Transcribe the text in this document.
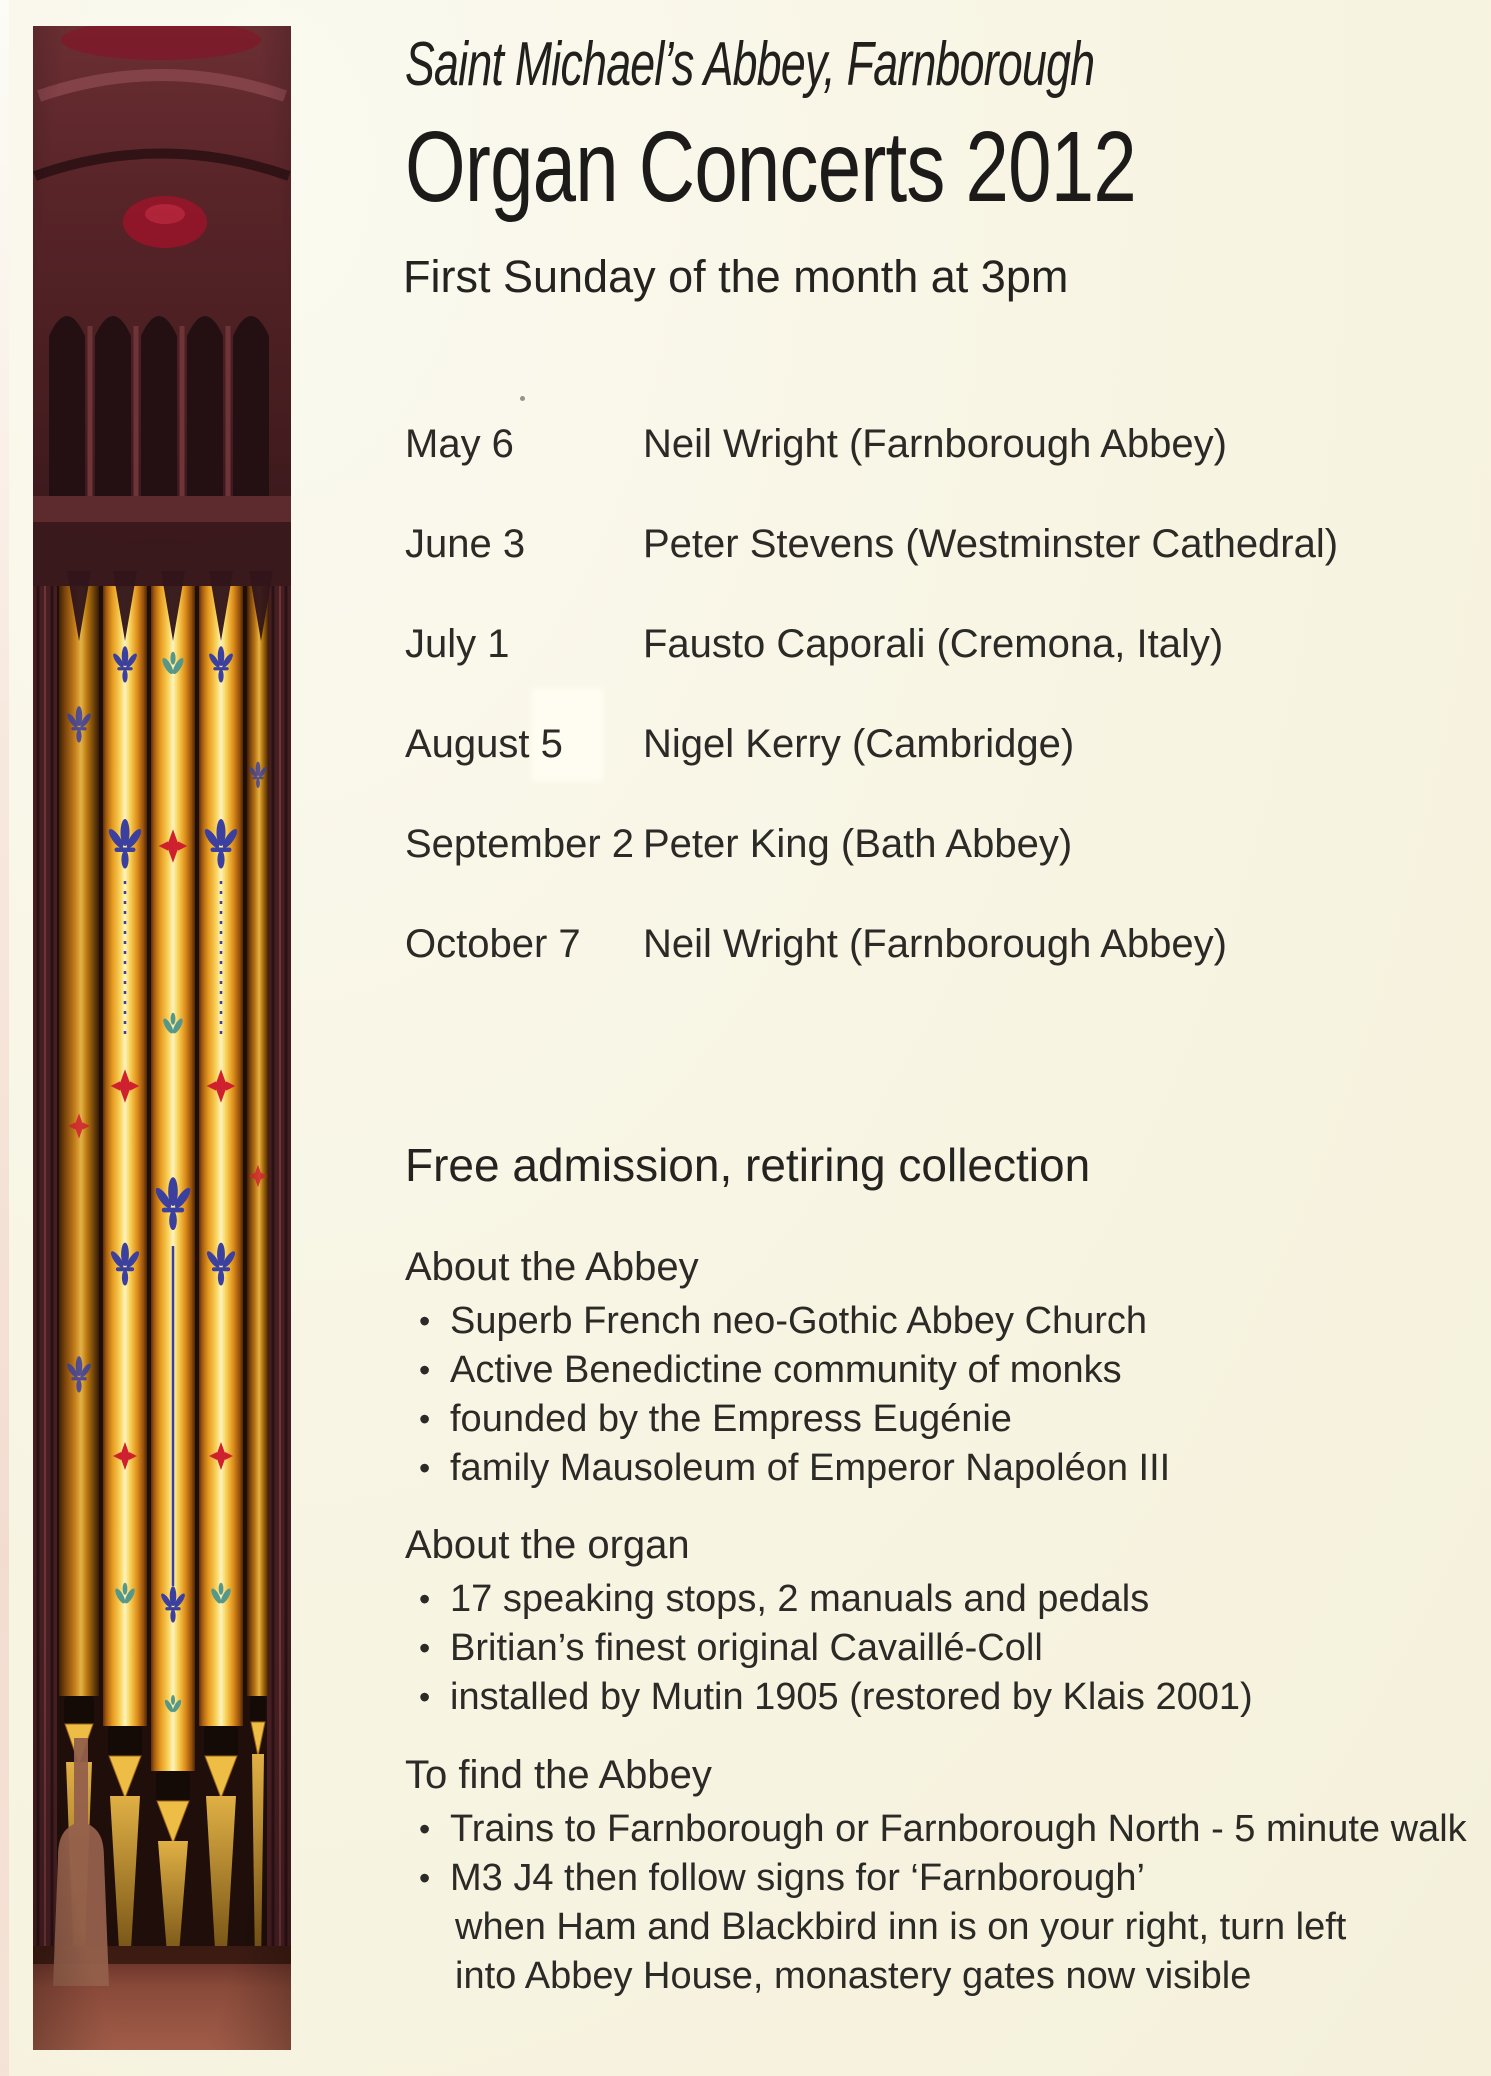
Saint Michael’s Abbey, Farnborough
Organ Concerts 2012
First Sunday of the month at 3pm
May 6	Neil Wright (Farnborough Abbey)
June 3	Peter Stevens (Westminster Cathedral)
July 1	Fausto Caporali (Cremona, Italy)
August 5	Nigel Kerry (Cambridge)
September 2 Peter King (Bath Abbey)
October 7	Neil Wright (Farnborough Abbey)
Free admission, retiring collection
About the Abbey
• Superb French neo-Gothic Abbey Church
• Active Benedictine community of monks
• founded by the Empress Eugénie
• family Mausoleum of Emperor Napoléon III
About the organ
• 17 speaking stops, 2 manuals and pedals
• Britian’s finest original Cavaillé-Coll
• installed by Mutin 1905 (restored by Klais 2001)
To find the Abbey
• Trains to Farnborough or Farnborough North - 5 minute walk
• M3 J4 then follow signs for ‘Farnborough’
when Ham and Blackbird inn is on your right, turn left
into Abbey House, monastery gates now visible
